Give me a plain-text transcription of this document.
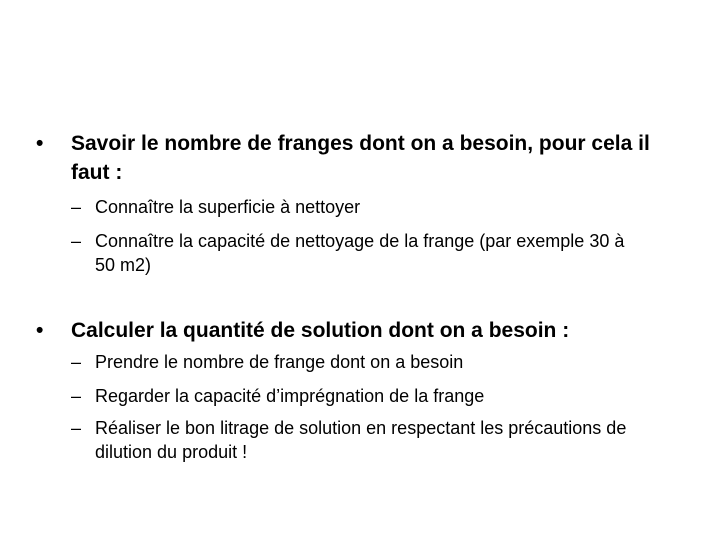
• Savoir le nombre de franges dont on a besoin, pour cela il faut :
– Connaître la superficie à nettoyer
– Connaître la capacité de nettoyage de la frange (par exemple 30 à 50 m2)
• Calculer la quantité de solution dont on a besoin :
– Prendre le nombre de frange dont on a besoin
– Regarder la capacité d’imprégnation de la frange
– Réaliser le bon litrage de solution en respectant les précautions de dilution du produit !
